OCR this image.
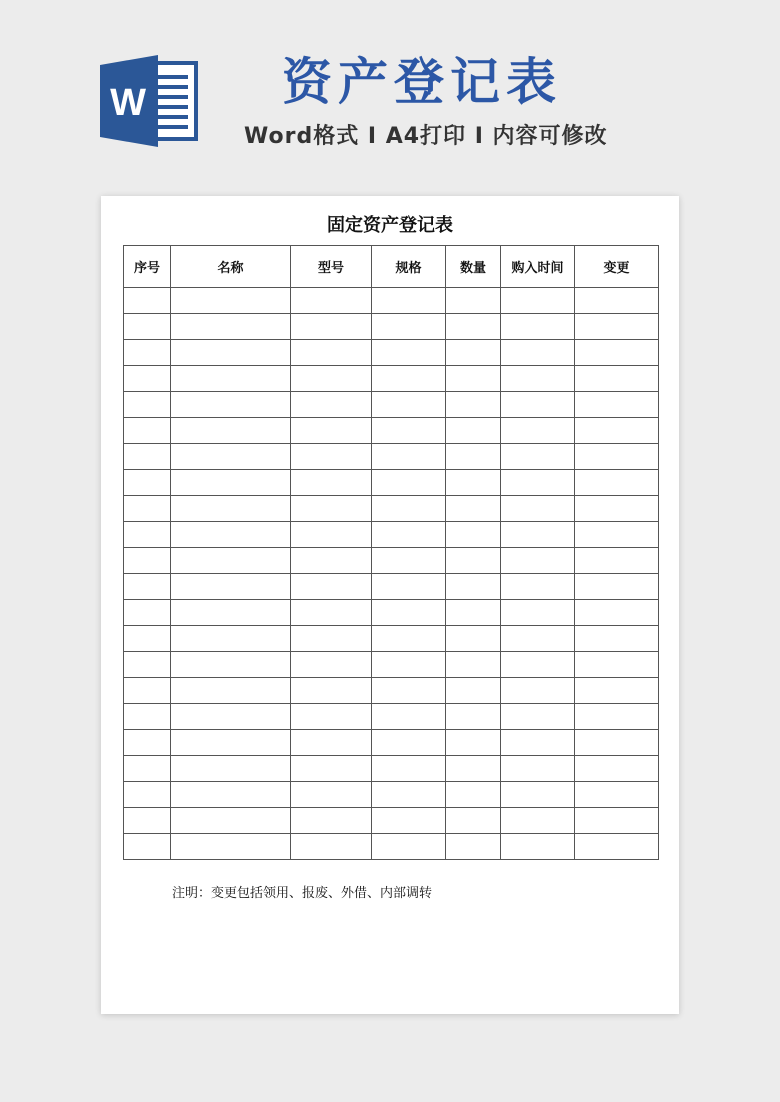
W	资产登记表
Word格式 I A4打印 I 内容可修改
固定资产登记表
序号	名称	型号	规格	数量	购入时间	变更

注明：变更包括领用、报废、外借、内部调转
